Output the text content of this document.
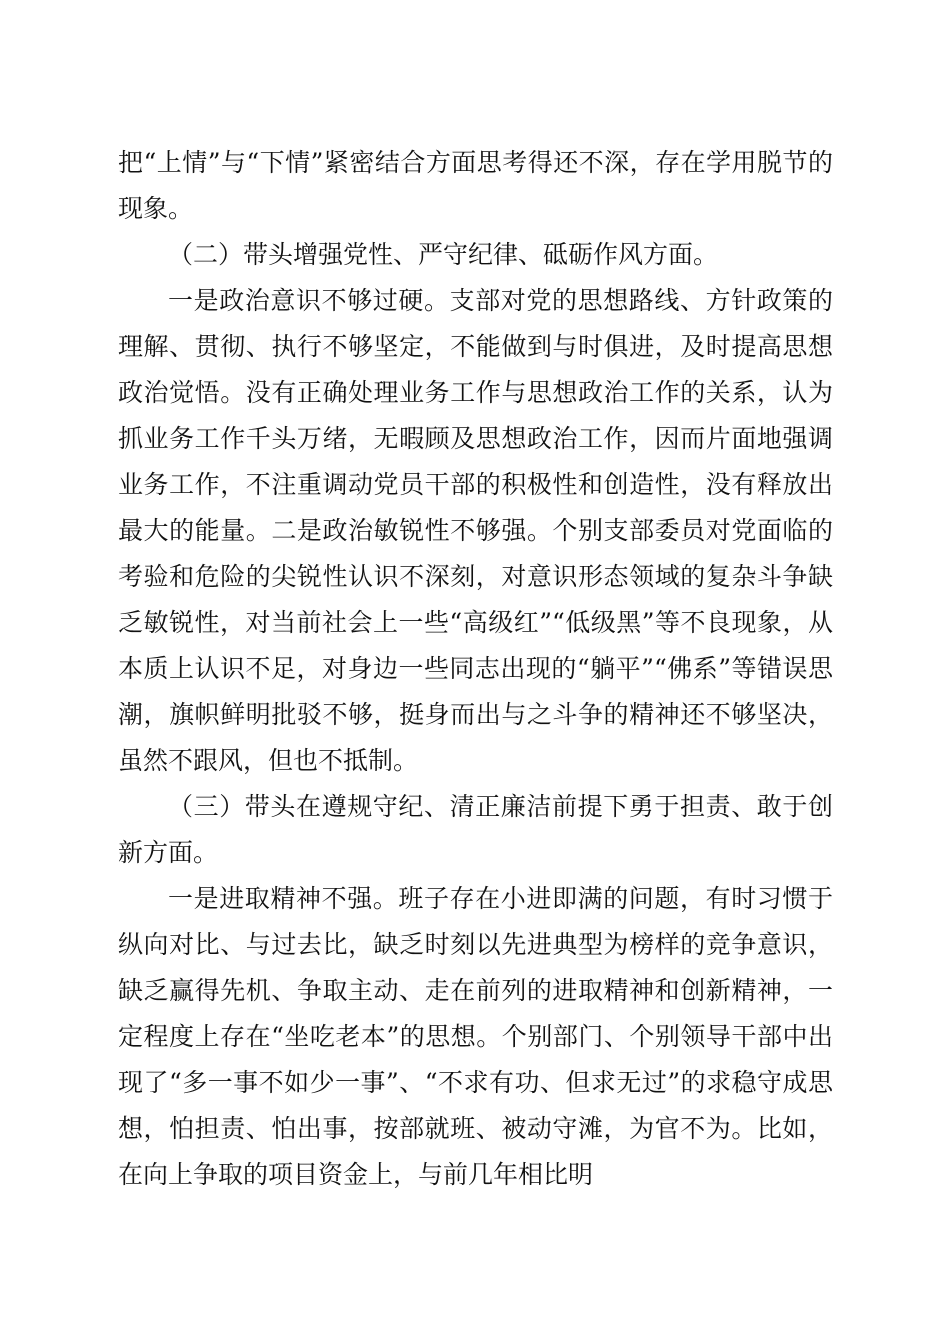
把“上情”与“下情”紧密结合方面思考得还不深，存在学用脱节的现象。

（二）带头增强党性、严守纪律、砥砺作风方面。

一是政治意识不够过硬。支部对党的思想路线、方针政策的理解、贯彻、执行不够坚定，不能做到与时俱进，及时提高思想政治觉悟。没有正确处理业务工作与思想政治工作的关系，认为抓业务工作千头万绪，无暇顾及思想政治工作，因而片面地强调业务工作，不注重调动党员干部的积极性和创造性，没有释放出最大的能量。二是政治敏锐性不够强。个别支部委员对党面临的考验和危险的尖锐性认识不深刻，对意识形态领域的复杂斗争缺乏敏锐性，对当前社会上一些“高级红”“低级黑”等不良现象，从本质上认识不足，对身边一些同志出现的“躺平”“佛系”等错误思潮，旗帜鲜明批驳不够，挺身而出与之斗争的精神还不够坚决，虽然不跟风，但也不抵制。

（三）带头在遵规守纪、清正廉洁前提下勇于担责、敢于创新方面。

一是进取精神不强。班子存在小进即满的问题，有时习惯于纵向对比、与过去比，缺乏时刻以先进典型为榜样的竞争意识，缺乏赢得先机、争取主动、走在前列的进取精神和创新精神，一定程度上存在“坐吃老本”的思想。个别部门、个别领导干部中出现了“多一事不如少一事”、“不求有功、但求无过”的求稳守成思想，怕担责、怕出事，按部就班、被动守滩，为官不为。比如，在向上争取的项目资金上，与前几年相比明
